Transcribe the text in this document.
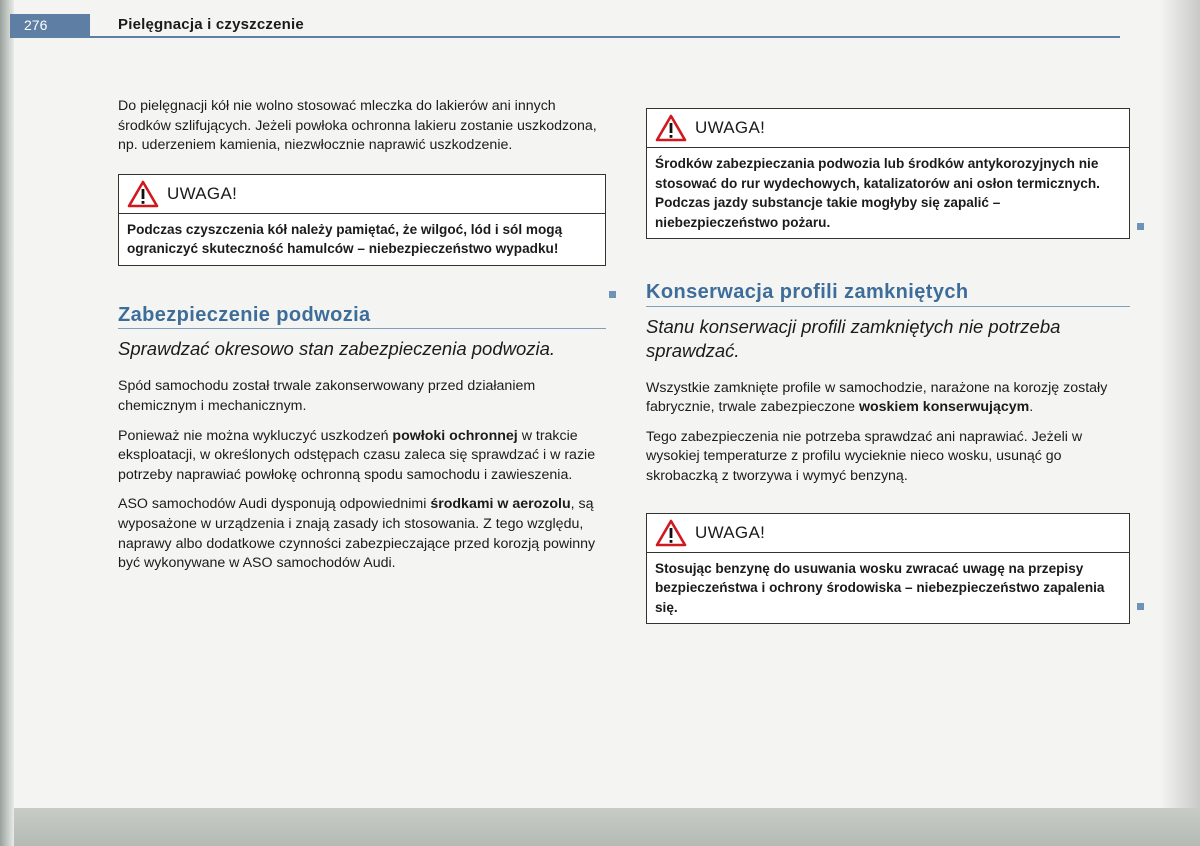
276	Pielęgnacja i czyszczenie

Do pielęgnacji kół nie wolno stosować mleczka do lakierów ani innych środków szlifujących. Jeżeli powłoka ochronna lakieru zostanie uszkodzona, np. uderzeniem kamienia, niezwłocznie naprawić uszkodzenie.

UWAGA!
Podczas czyszczenia kół należy pamiętać, że wilgoć, lód i sól mogą ograniczyć skuteczność hamulców – niebezpieczeństwo wypadku!
Zabezpieczenie podwozia
Sprawdzać okresowo stan zabezpieczenia podwozia.

Spód samochodu został trwale zakonserwowany przed działaniem chemicznym i mechanicznym.

Ponieważ nie można wykluczyć uszkodzeń powłoki ochronnej w trakcie eksploatacji, w określonych odstępach czasu zaleca się sprawdzać i w razie potrzeby naprawiać powłokę ochronną spodu samochodu i zawieszenia.

ASO samochodów Audi dysponują odpowiednimi środkami w aerozolu, są wyposażone w urządzenia i znają zasady ich stosowania. Z tego względu, naprawy albo dodatkowe czynności zabezpieczające przed korozją powinny być wykonywane w ASO samochodów Audi.

UWAGA!
Środków zabezpieczania podwozia lub środków antykorozyjnych nie stosować do rur wydechowych, katalizatorów ani osłon termicznych. Podczas jazdy substancje takie mogłyby się zapalić – niebezpieczeństwo pożaru.
Konserwacja profili zamkniętych
Stanu konserwacji profili zamkniętych nie potrzeba sprawdzać.

Wszystkie zamknięte profile w samochodzie, narażone na korozję zostały fabrycznie, trwale zabezpieczone woskiem konserwującym.

Tego zabezpieczenia nie potrzeba sprawdzać ani naprawiać. Jeżeli w wysokiej temperaturze z profilu wycieknie nieco wosku, usunąć go skrobaczką z tworzywa i wymyć benzyną.

UWAGA!
Stosując benzynę do usuwania wosku zwracać uwagę na przepisy bezpieczeństwa i ochrony środowiska – niebezpieczeństwo zapalenia się.
